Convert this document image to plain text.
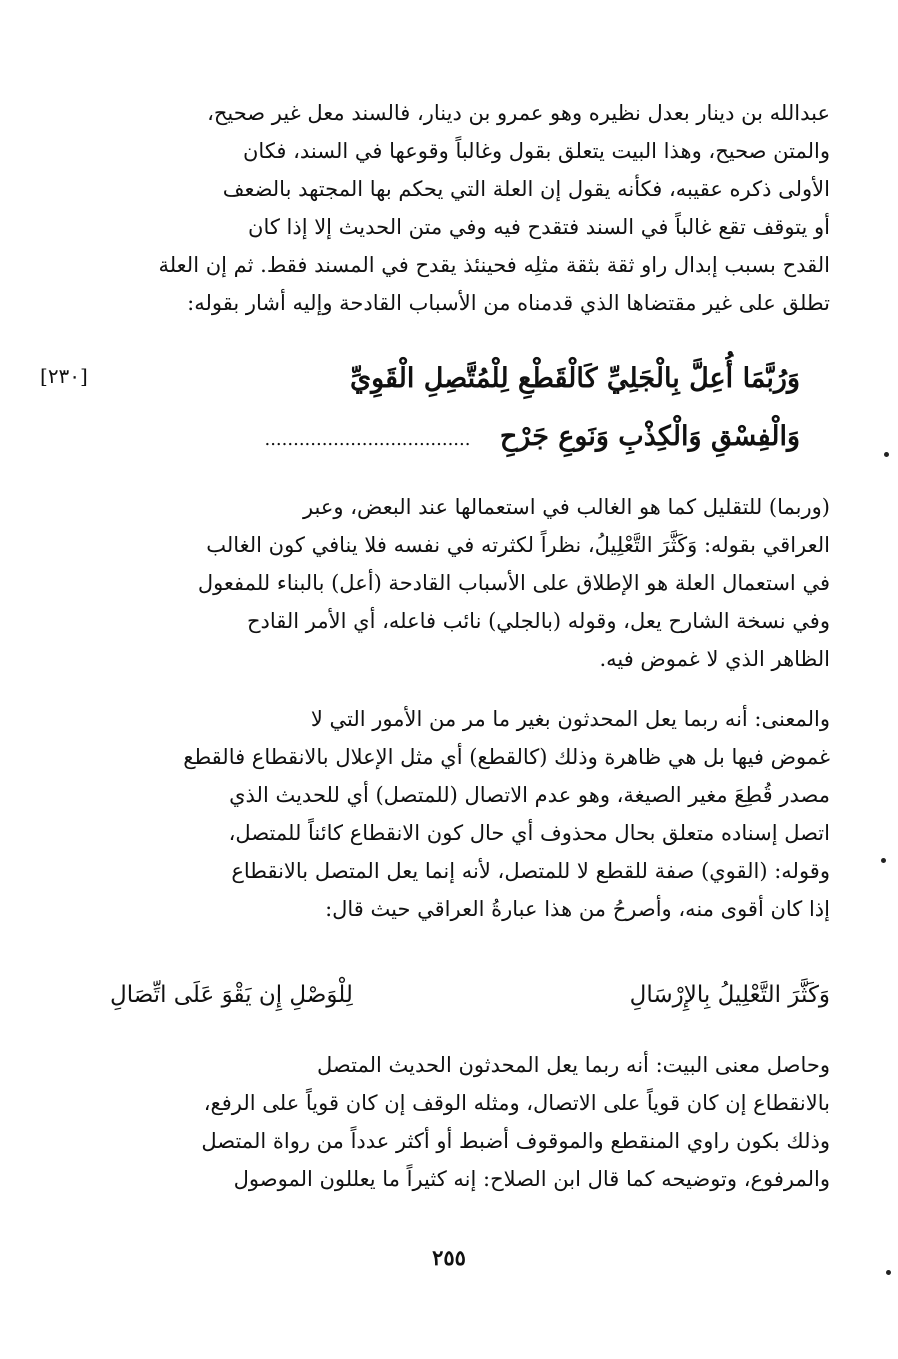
عبدالله بن دينار بعدل نظيره وهو عمرو بن دينار، فالسند معل غير صحيح،
والمتن صحيح، وهذا البيت يتعلق بقول وغالباً وقوعها في السند، فكان
الأولى ذكره عقيبه، فكأنه يقول إن العلة التي يحكم بها المجتهد بالضعف
أو يتوقف تقع غالباً في السند فتقدح فيه وفي متن الحديث إلا إذا كان
القدح بسبب إبدال راو ثقة بثقة مثلِه فحينئذ يقدح في المسند فقط. ثم إن العلة
تطلق على غير مقتضاها الذي قدمناه من الأسباب القادحة وإليه أشار بقوله:
وَرُبَّمَا أُعِلَّ بِالْجَلِيِّ كَالْقَطْعِ لِلْمُتَّصِلِ الْقَوِيِّ
[٢٣٠]
وَالْفِسْقِ وَالْكِذْبِ وَنَوعِ جَرْحِ ....................................
(وربما) للتقليل كما هو الغالب في استعمالها عند البعض، وعبر
العراقي بقوله: وَكَثَّرَ التَّعْلِيلُ، نظراً لكثرته في نفسه فلا ينافي كون الغالب
في استعمال العلة هو الإطلاق على الأسباب القادحة (أعل) بالبناء للمفعول
وفي نسخة الشارح يعل، وقوله (بالجلي) نائب فاعله، أي الأمر القادح
الظاهر الذي لا غموض فيه.
والمعنى: أنه ربما يعل المحدثون بغير ما مر من الأمور التي لا
غموض فيها بل هي ظاهرة وذلك (كالقطع) أي مثل الإعلال بالانقطاع فالقطع
مصدر قُطِعَ مغير الصيغة، وهو عدم الاتصال (للمتصل) أي للحديث الذي
اتصل إسناده متعلق بحال محذوف أي حال كون الانقطاع كائناً للمتصل،
وقوله: (القوي) صفة للقطع لا للمتصل، لأنه إنما يعل المتصل بالانقطاع
إذا كان أقوى منه، وأصرحُ من هذا عبارةُ العراقي حيث قال:
وَكَثَّرَ التَّعْلِيلُ بِالإِرْسَالِ
لِلْوَصْلِ إِن يَقْوَ عَلَى اتِّصَالِ
وحاصل معنى البيت: أنه ربما يعل المحدثون الحديث المتصل
بالانقطاع إن كان قوياً على الاتصال، ومثله الوقف إن كان قوياً على الرفع،
وذلك بكون راوي المنقطع والموقوف أضبط أو أكثر عدداً من رواة المتصل
والمرفوع، وتوضيحه كما قال ابن الصلاح: إنه كثيراً ما يعللون الموصول
٢٥٥
